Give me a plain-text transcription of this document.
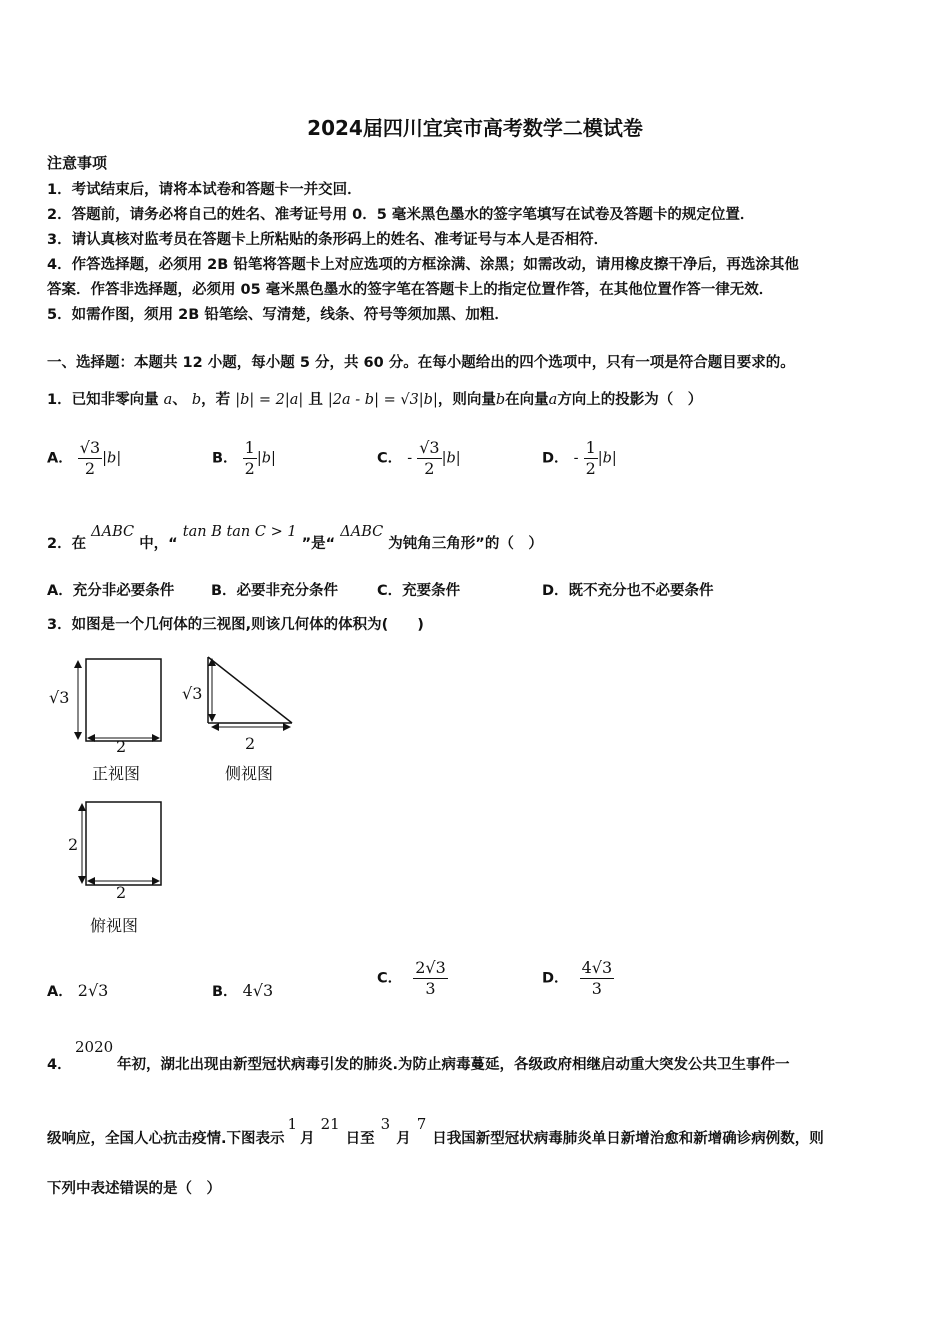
2024届四川宜宾市高考数学二模试卷
注意事项
1．考试结束后，请将本试卷和答题卡一并交回．
2．答题前，请务必将自己的姓名、准考证号用 0．5 毫米黑色墨水的签字笔填写在试卷及答题卡的规定位置．
3．请认真核对监考员在答题卡上所粘贴的条形码上的姓名、准考证号与本人是否相符．
4．作答选择题，必须用 2B 铅笔将答题卡上对应选项的方框涂满、涂黑；如需改动，请用橡皮擦干净后，再选涂其他
答案．作答非选择题，必须用 05 毫米黑色墨水的签字笔在答题卡上的指定位置作答，在其他位置作答一律无效．
5．如需作图，须用 2B 铅笔绘、写清楚，线条、符号等须加黑、加粗．
一、选择题：本题共 12 小题，每小题 5 分，共 60 分。在每小题给出的四个选项中，只有一项是符合题目要求的。
1．已知非零向量 a、 b，若 |b| = 2|a| 且 |2a - b| = √3|b|，则向量b在向量a方向上的投影为（　）
A． $\frac{√3}{2} |b|$	B． $\frac{1}{2} |b|$	C． - $\frac{√3}{2} |b|$	D． - $\frac{1}{2} |b|$
2．在 ΔABC 中，“ tan B tan C > 1 ”是“ ΔABC 为钝角三角形”的（　）
A．充分非必要条件	B．必要非充分条件	C．充要条件	D．既不充分也不必要条件
3．如图是一个几何体的三视图,则该几何体的体积为(　　)
√3
2
正视图
√3
2
侧视图
2
2
俯视图
A． 2√3	B． 4√3
C． $\frac{2√3}{3}$	D． $\frac{4√3}{3}$
4．
2020
年初，湖北出现由新型冠状病毒引发的肺炎.为防止病毒蔓延，各级政府相继启动重大突发公共卫生事件一
级响应，全国人心抗击疫情.下图表示1月21日至3月7日我国新型冠状病毒肺炎单日新增治愈和新增确诊病例数，则
下列中表述错误的是（　）
